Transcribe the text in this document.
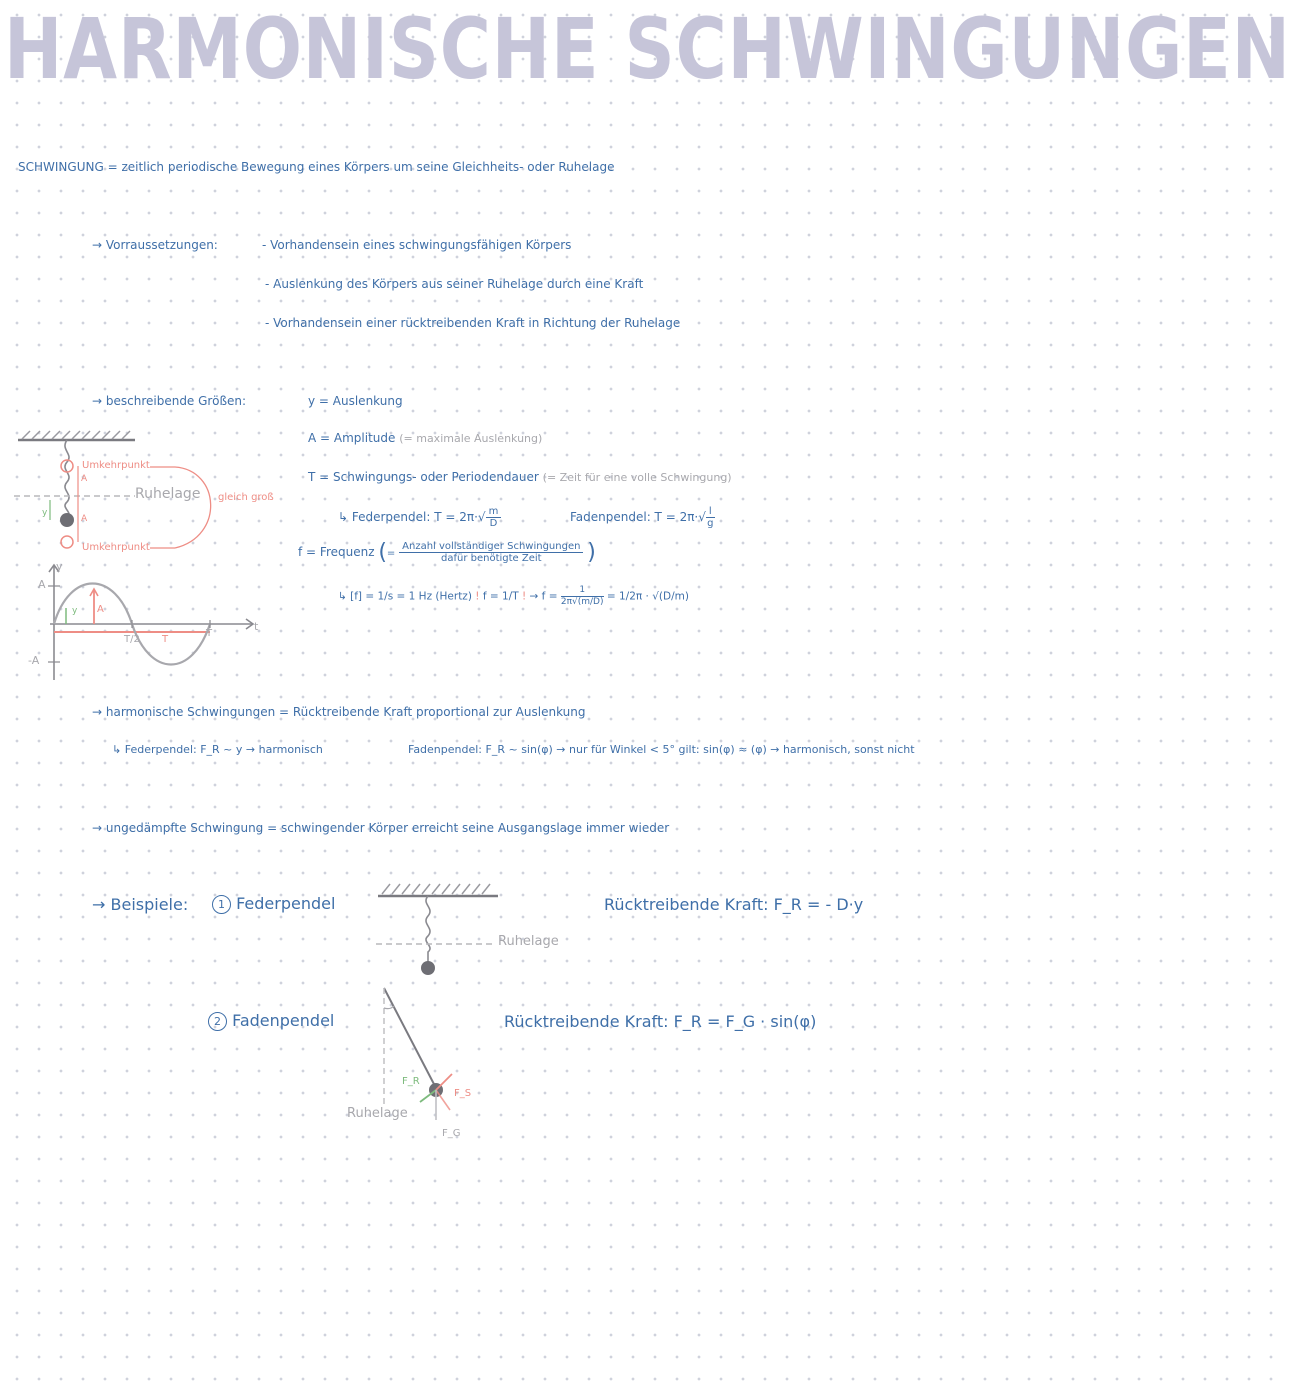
HARMONISCHE SCHWINGUNGEN
SCHWINGUNG = zeitlich periodische Bewegung eines Körpers um seine Gleichheits- oder Ruhelage
→ Vorraussetzungen:	- Vorhandensein eines schwingungsfähigen Körpers
- Auslenkung des Körpers aus seiner Ruhelage durch eine Kraft
- Vorhandensein einer rücktreibenden Kraft in Richtung der Ruhelage
→ beschreibende Größen:	y = Auslenkung
A = Amplitude (= maximale Auslenkung)
T = Schwingungs- oder Periodendauer (= Zeit für eine volle Schwingung)
↳ Federpendel: $T = 2\pi\cdot√ \frac{m}{D}$	Fadenpendel: $T = 2\pi\cdot√ \frac{l}{g}$
f = Frequenz (= $\frac{\text{Anzahl vollständiger Schwingungen}}{\text{dafür benötigte Zeit}}$ )
↳ [f] = 1/s = 1 Hz (Hertz) ! f = 1/T ! → $f = \frac{1}{2\pi√(m/D)} = 1/2\pi \cdot √(D/m)$
Umkehrpunkt
Umkehrpunkt
Ruhelage gleich groß
A
A
y
y
t
A
-A
T/2
T
T
y A
→ harmonische Schwingungen = Rücktreibende Kraft proportional zur Auslenkung
↳ Federpendel: F_R ~ y → harmonisch	Fadenpendel: F_R ~ sin(φ) → nur für Winkel < 5° gilt: sin(φ) ≈ (φ) → harmonisch, sonst nicht
→ ungedämpfte Schwingung = schwingender Körper erreicht seine Ausgangslage immer wieder
→ Beispiele:	1 Federpendel	Rücktreibende Kraft: F_R = - D·y
Ruhelage
2 Fadenpendel	Rücktreibende Kraft: F_R = F_G · sin(φ)
F_R
F_S
F_G
Ruhelage
